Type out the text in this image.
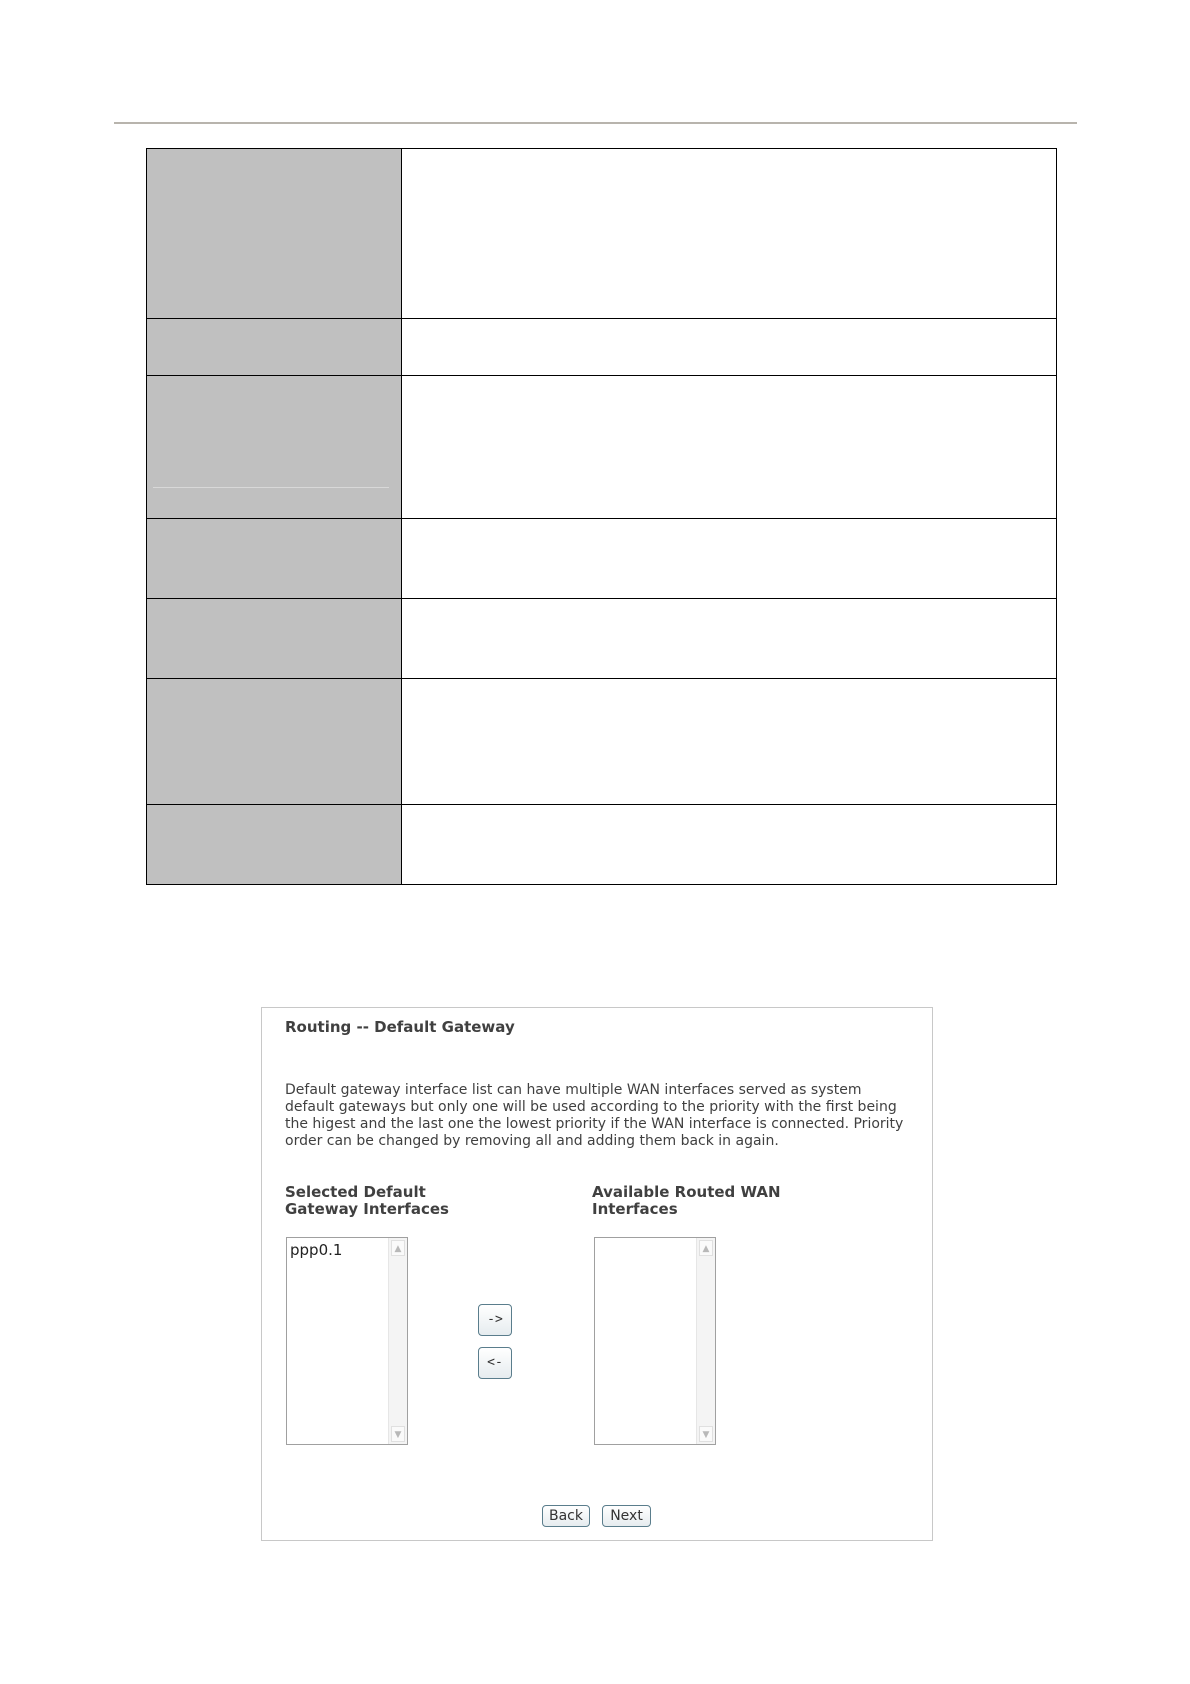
Routing -- Default Gateway
Default gateway interface list can have multiple WAN interfaces served as system default gateways but only one will be used according to the priority with the first being the higest and the last one the lowest priority if the WAN interface is connected. Priority order can be changed by removing all and adding them back in again.
Selected Default Gateway Interfaces
Available Routed WAN Interfaces
ppp0.1	▲
▼
->
<-
▲
▼
Back	Next
